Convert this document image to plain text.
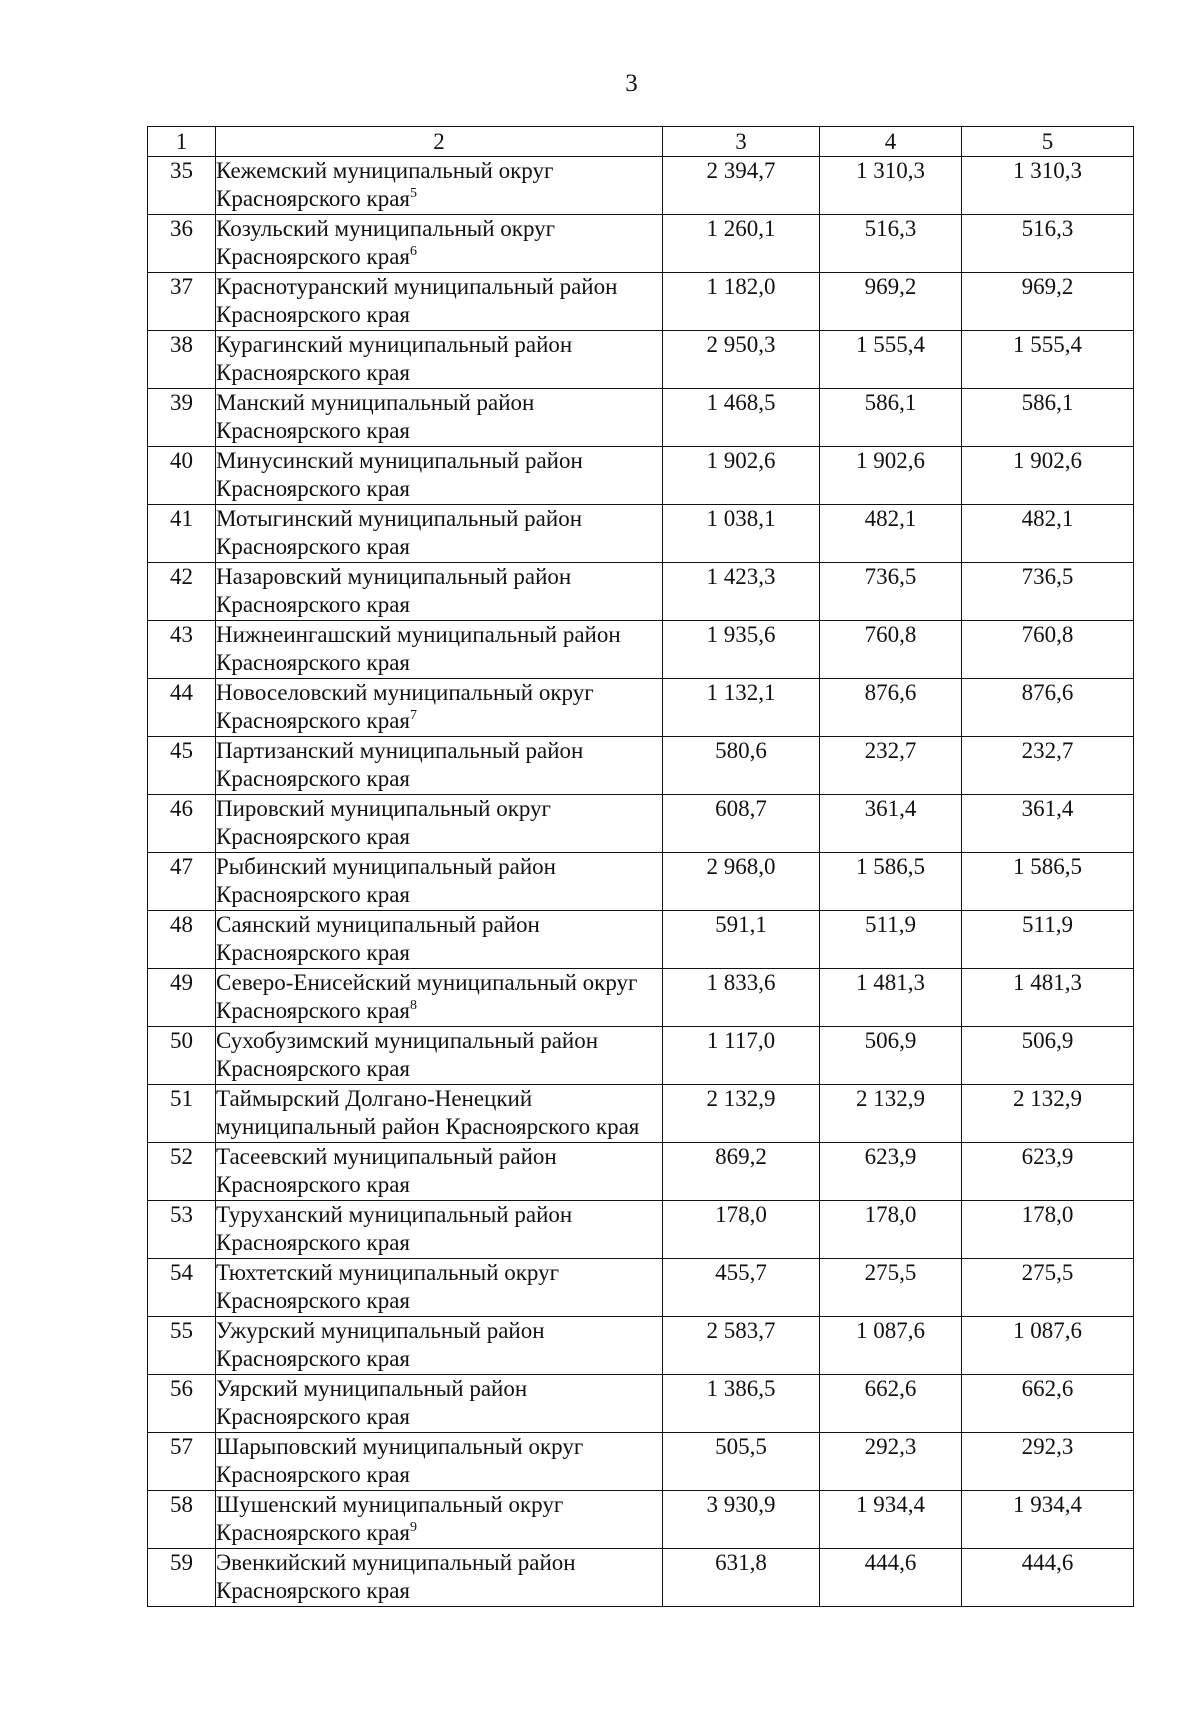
3
1	2	3	4	5
35	Кежемский муниципальный округ
Красноярского края$^5$	2 394,7	1 310,3	1 310,3
36	Козульский муниципальный округ
Красноярского края$^6$	1 260,1	516,3	516,3
37	Краснотуранский муниципальный район
Красноярского края	1 182,0	969,2	969,2
38	Курагинский муниципальный район
Красноярского края	2 950,3	1 555,4	1 555,4
39	Манский муниципальный район
Красноярского края	1 468,5	586,1	586,1
40	Минусинский муниципальный район
Красноярского края	1 902,6	1 902,6	1 902,6
41	Мотыгинский муниципальный район
Красноярского края	1 038,1	482,1	482,1
42	Назаровский муниципальный район
Красноярского края	1 423,3	736,5	736,5
43	Нижнеингашский муниципальный район
Красноярского края	1 935,6	760,8	760,8
44	Новоселовский муниципальный округ
Красноярского края$^7$	1 132,1	876,6	876,6
45	Партизанский муниципальный район
Красноярского края	580,6	232,7	232,7
46	Пировский муниципальный округ
Красноярского края	608,7	361,4	361,4
47	Рыбинский муниципальный район
Красноярского края	2 968,0	1 586,5	1 586,5
48	Саянский муниципальный район
Красноярского края	591,1	511,9	511,9
49	Северо-Енисейский муниципальный округ
Красноярского края$^8$	1 833,6	1 481,3	1 481,3
50	Сухобузимский муниципальный район
Красноярского края	1 117,0	506,9	506,9
51	Таймырский Долгано-Ненецкий
муниципальный район Красноярского края	2 132,9	2 132,9	2 132,9
52	Тасеевский муниципальный район
Красноярского края	869,2	623,9	623,9
53	Туруханский муниципальный район
Красноярского края	178,0	178,0	178,0
54	Тюхтетский муниципальный округ
Красноярского края	455,7	275,5	275,5
55	Ужурский муниципальный район
Красноярского края	2 583,7	1 087,6	1 087,6
56	Уярский муниципальный район
Красноярского края	1 386,5	662,6	662,6
57	Шарыповский муниципальный округ
Красноярского края	505,5	292,3	292,3
58	Шушенский муниципальный округ
Красноярского края$^9$	3 930,9	1 934,4	1 934,4
59	Эвенкийский муниципальный район
Красноярского края	631,8	444,6	444,6
